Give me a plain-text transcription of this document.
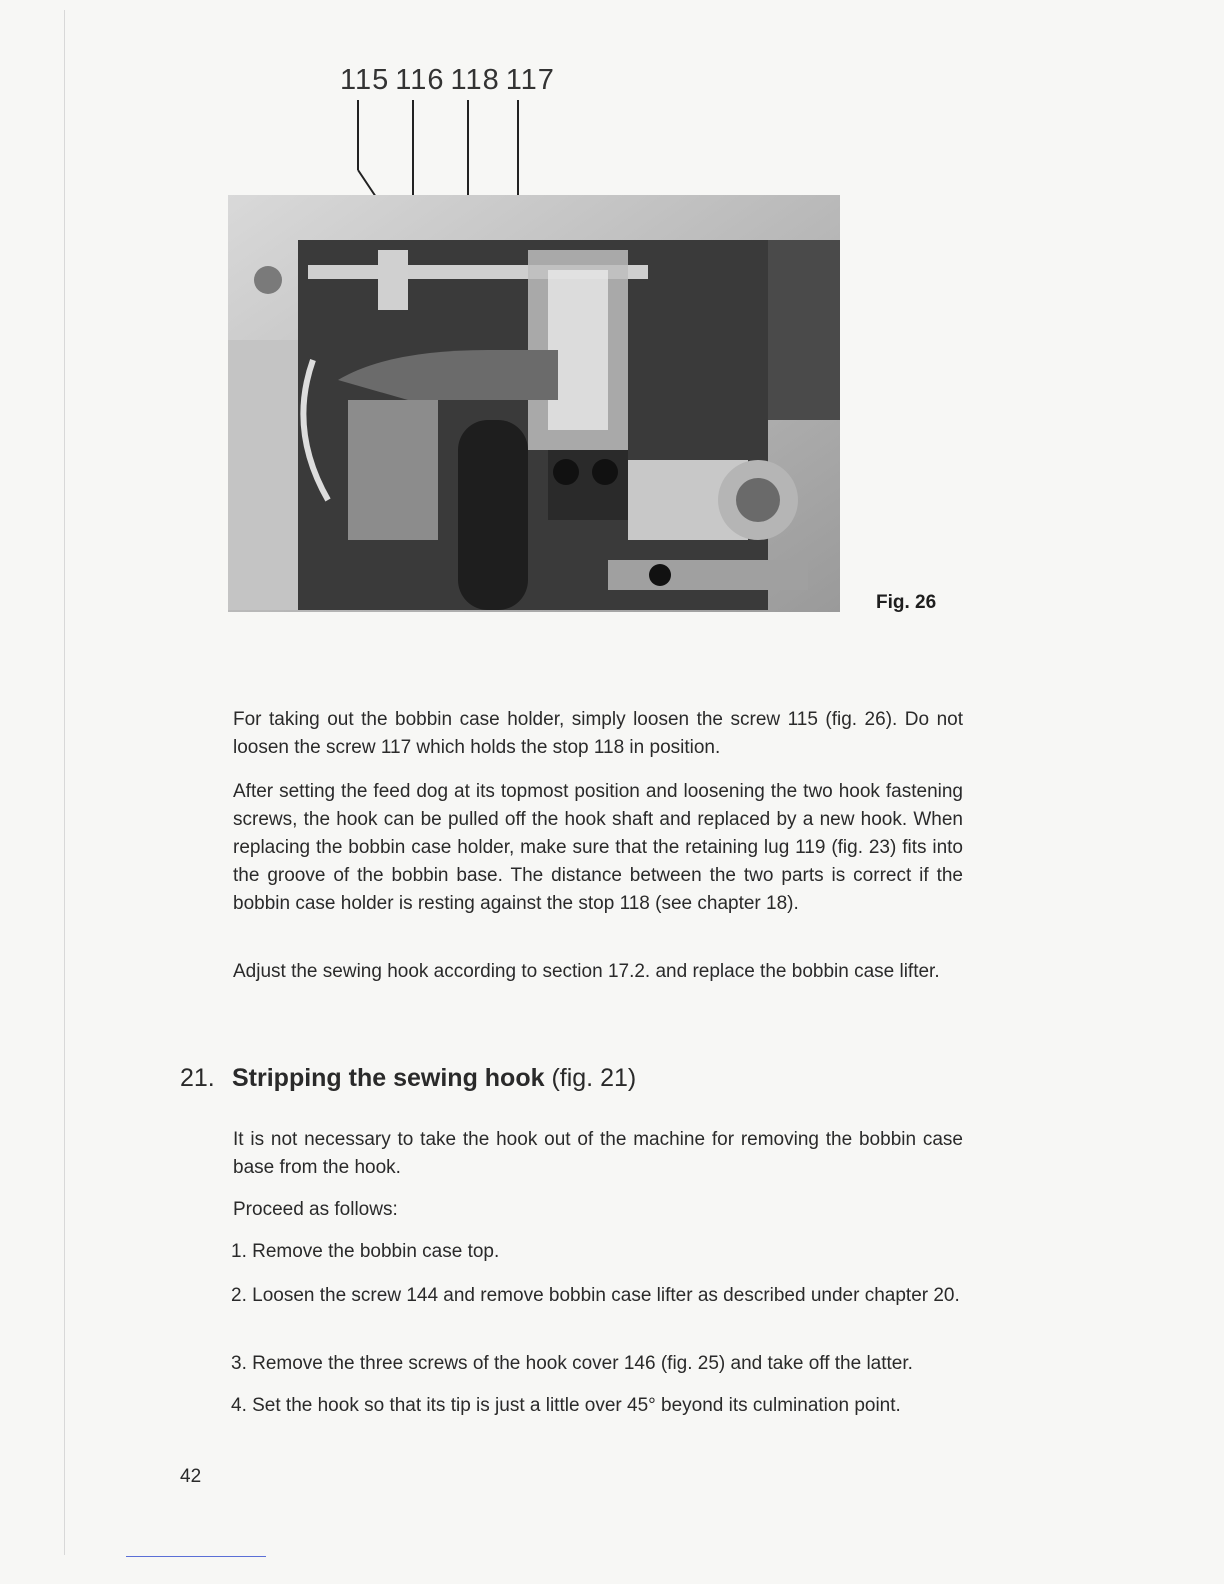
115 116 118 117
Fig. 26

For taking out the bobbin case holder, simply loosen the screw 115 (fig. 26). Do not loosen the screw 117 which holds the stop 118 in position.

After setting the feed dog at its topmost position and loosening the two hook fastening screws, the hook can be pulled off the hook shaft and replaced by a new hook. When replacing the bobbin case holder, make sure that the retaining lug 119 (fig. 23) fits into the groove of the bobbin base. The distance between the two parts is correct if the bobbin case holder is resting against the stop 118 (see chapter 18).

Adjust the sewing hook according to section 17.2. and replace the bobbin case lifter.

21. Stripping the sewing hook (fig. 21)

It is not necessary to take the hook out of the machine for removing the bobbin case base from the hook.

Proceed as follows:

1. Remove the bobbin case top.

2. Loosen the screw 144 and remove bobbin case lifter as described under chapter 20.

3. Remove the three screws of the hook cover 146 (fig. 25) and take off the latter.

4. Set the hook so that its tip is just a little over 45° beyond its culmination point.

42
